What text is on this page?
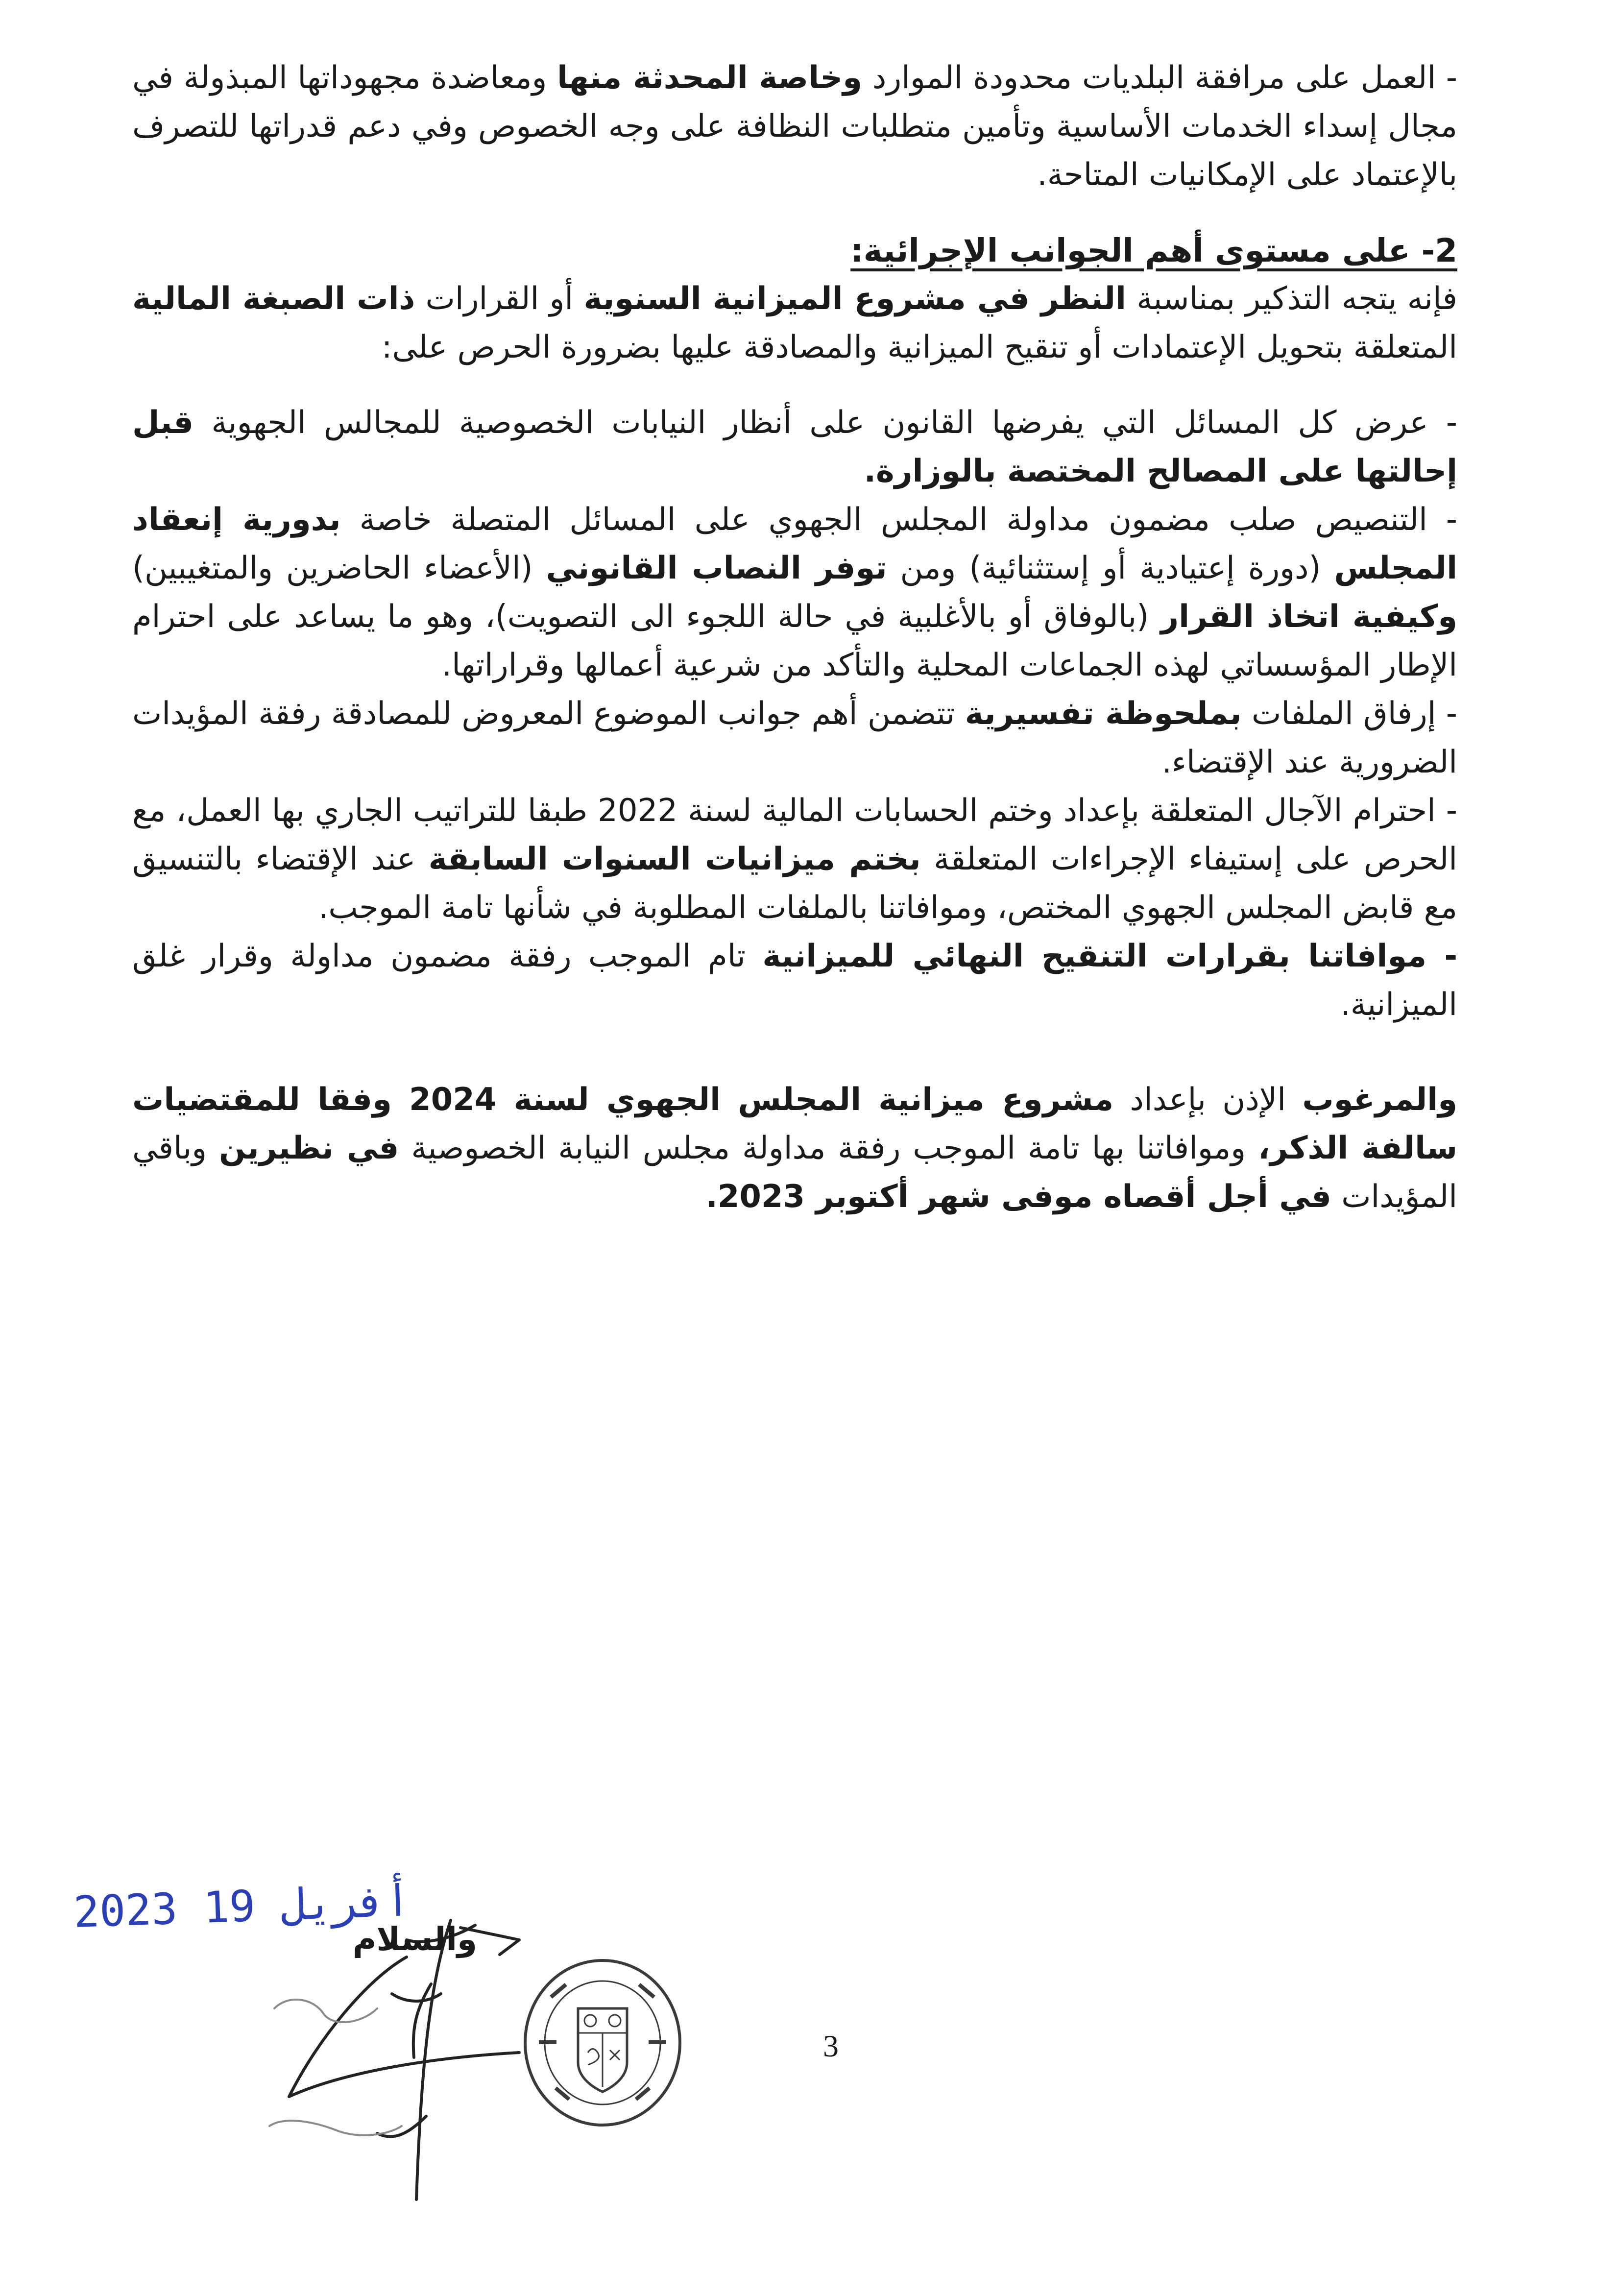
- العمل على مرافقة البلديات محدودة الموارد وخاصة المحدثة منها ومعاضدة مجهوداتها المبذولة في مجال إسداء الخدمات الأساسية وتأمين متطلبات النظافة على وجه الخصوص وفي دعم قدراتها للتصرف بالإعتماد على الإمكانيات المتاحة.

2- على مستوى أهم الجوانب الإجرائية:

فإنه يتجه التذكير بمناسبة النظر في مشروع الميزانية السنوية أو القرارات ذات الصبغة المالية المتعلقة بتحويل الإعتمادات أو تنقيح الميزانية والمصادقة عليها بضرورة الحرص على:

- عرض كل المسائل التي يفرضها القانون على أنظار النيابات الخصوصية للمجالس الجهوية قبل إحالتها على المصالح المختصة بالوزارة.

- التنصيص صلب مضمون مداولة المجلس الجهوي على المسائل المتصلة خاصة بدورية إنعقاد المجلس (دورة إعتيادية أو إستثنائية) ومن توفر النصاب القانوني (الأعضاء الحاضرين والمتغيبين) وكيفية اتخاذ القرار (بالوفاق أو بالأغلبية في حالة اللجوء الى التصويت)، وهو ما يساعد على احترام الإطار المؤسساتي لهذه الجماعات المحلية والتأكد من شرعية أعمالها وقراراتها.

- إرفاق الملفات بملحوظة تفسيرية تتضمن أهم جوانب الموضوع المعروض للمصادقة رفقة المؤيدات الضرورية عند الإقتضاء.

- احترام الآجال المتعلقة بإعداد وختم الحسابات المالية لسنة 2022 طبقا للتراتيب الجاري بها العمل، مع الحرص على إستيفاء الإجراءات المتعلقة بختم ميزانيات السنوات السابقة عند الإقتضاء بالتنسيق مع قابض المجلس الجهوي المختص، وموافاتنا بالملفات المطلوبة في شأنها تامة الموجب.

- موافاتنا بقرارات التنقيح النهائي للميزانية تام الموجب رفقة مضمون مداولة وقرار غلق الميزانية.

والمرغوب الإذن بإعداد مشروع ميزانية المجلس الجهوي لسنة 2024 وفقا للمقتضيات سالفة الذكر، وموافاتنا بها تامة الموجب رفقة مداولة مجلس النيابة الخصوصية في نظيرين وباقي المؤيدات في أجل أقصاه موفى شهر أكتوبر 2023.

2023 أفريل 19
والسلام
3
